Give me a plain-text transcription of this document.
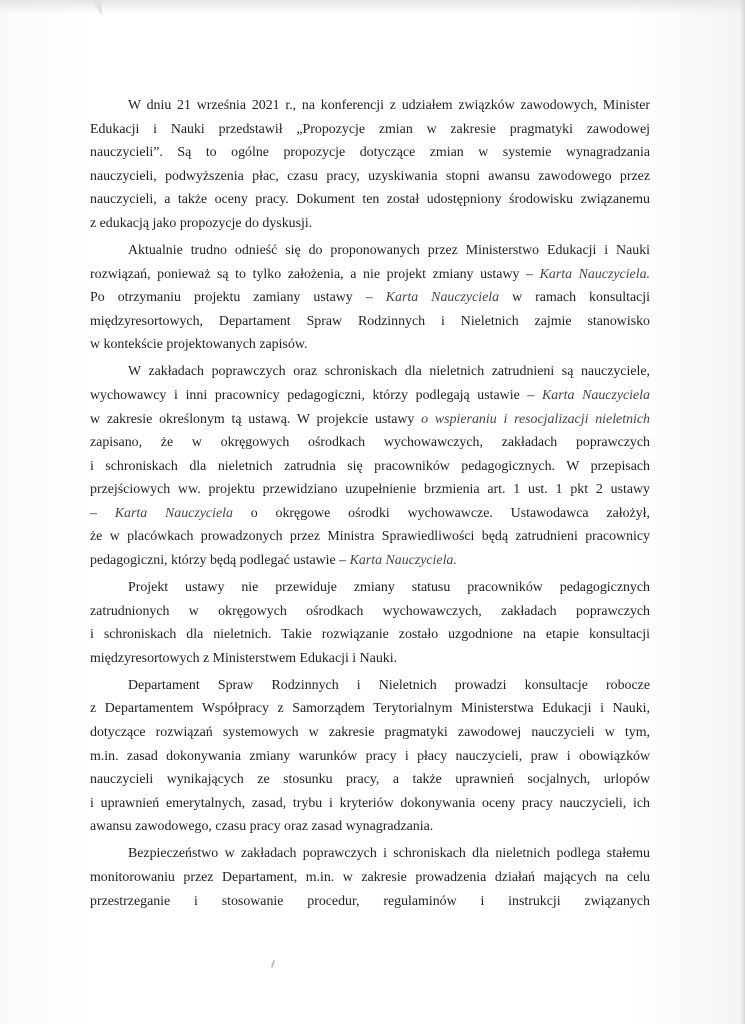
W dniu 21 września 2021 r., na konferencji z udziałem związków zawodowych, Minister
Edukacji i Nauki przedstawił „Propozycje zmian w zakresie pragmatyki zawodowej
nauczycieli”. Są to ogólne propozycje dotyczące zmian w systemie wynagradzania
nauczycieli, podwyższenia płac, czasu pracy, uzyskiwania stopni awansu zawodowego przez
nauczycieli, a także oceny pracy. Dokument ten został udostępniony środowisku związanemu
z edukacją jako propozycje do dyskusji.
Aktualnie trudno odnieść się do proponowanych przez Ministerstwo Edukacji i Nauki
rozwiązań, ponieważ są to tylko założenia, a nie projekt zmiany ustawy – Karta Nauczyciela.
Po otrzymaniu projektu zamiany ustawy – Karta Nauczyciela w ramach konsultacji
międzyresortowych, Departament Spraw Rodzinnych i Nieletnich zajmie stanowisko
w kontekście projektowanych zapisów.
W zakładach poprawczych oraz schroniskach dla nieletnich zatrudnieni są nauczyciele,
wychowawcy i inni pracownicy pedagogiczni, którzy podlegają ustawie – Karta Nauczyciela
w zakresie określonym tą ustawą. W projekcie ustawy o wspieraniu i resocjalizacji nieletnich
zapisano, że w okręgowych ośrodkach wychowawczych, zakładach poprawczych
i schroniskach dla nieletnich zatrudnia się pracowników pedagogicznych. W przepisach
przejściowych ww. projektu przewidziano uzupełnienie brzmienia art. 1 ust. 1 pkt 2 ustawy
– Karta Nauczyciela o okręgowe ośrodki wychowawcze. Ustawodawca założył,
że w placówkach prowadzonych przez Ministra Sprawiedliwości będą zatrudnieni pracownicy
pedagogiczni, którzy będą podlegać ustawie – Karta Nauczyciela.
Projekt ustawy nie przewiduje zmiany statusu pracowników pedagogicznych
zatrudnionych w okręgowych ośrodkach wychowawczych, zakładach poprawczych
i schroniskach dla nieletnich. Takie rozwiązanie zostało uzgodnione na etapie konsultacji
międzyresortowych z Ministerstwem Edukacji i Nauki.
Departament Spraw Rodzinnych i Nieletnich prowadzi konsultacje robocze
z Departamentem Współpracy z Samorządem Terytorialnym Ministerstwa Edukacji i Nauki,
dotyczące rozwiązań systemowych w zakresie pragmatyki zawodowej nauczycieli w tym,
m.in. zasad dokonywania zmiany warunków pracy i płacy nauczycieli, praw i obowiązków
nauczycieli wynikających ze stosunku pracy, a także uprawnień socjalnych, urlopów
i uprawnień emerytalnych, zasad, trybu i kryteriów dokonywania oceny pracy nauczycieli, ich
awansu zawodowego, czasu pracy oraz zasad wynagradzania.
Bezpieczeństwo w zakładach poprawczych i schroniskach dla nieletnich podlega stałemu
monitorowaniu przez Departament, m.in. w zakresie prowadzenia działań mających na celu
przestrzeganie i stosowanie procedur, regulaminów i instrukcji związanych
